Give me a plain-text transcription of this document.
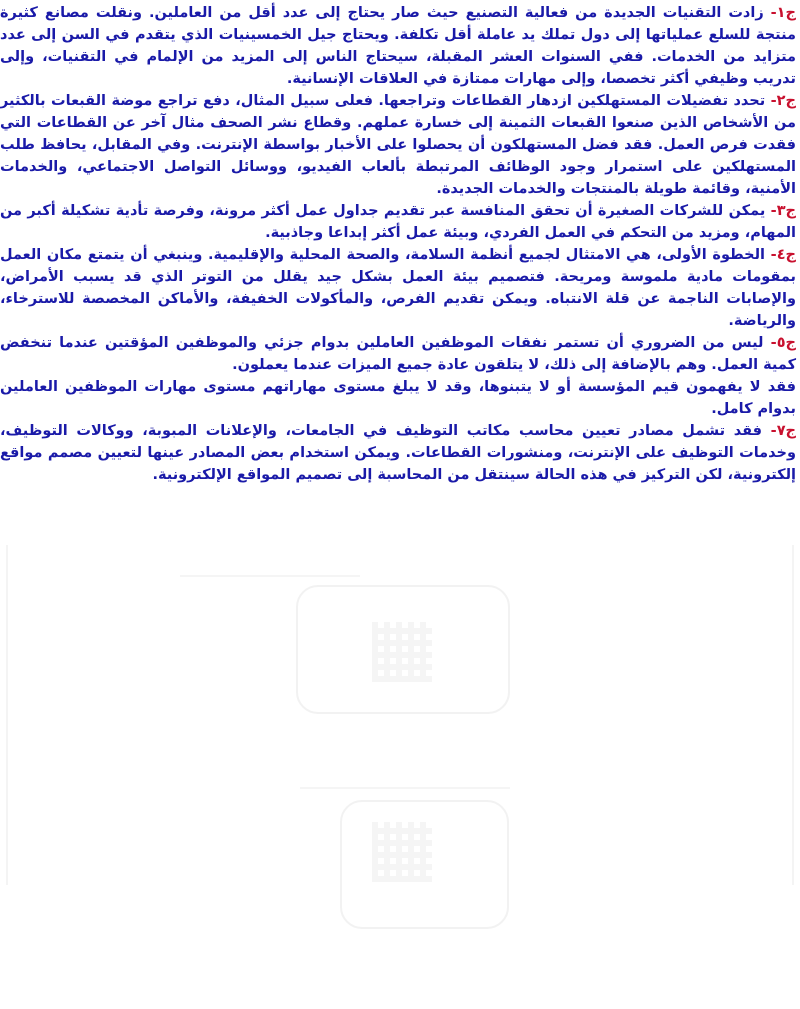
ج١- زادت التقنيات الجديدة من فعالية التصنيع حيث صار يحتاج إلى عدد أقل من العاملين. ونقلت مصانع كثيرة منتجة للسلع عملياتها إلى دول تملك يد عاملة أقل تكلفة. ويحتاج جيل الخمسينيات الذي يتقدم في السن إلى عدد متزايد من الخدمات. ففي السنوات العشر المقبلة، سيحتاج الناس إلى المزيد من الإلمام في التقنيات، وإلى تدريب وظيفي أكثر تخصصا، وإلى مهارات ممتازة في العلاقات الإنسانية.

ج٢- تحدد تفضيلات المستهلكين ازدهار القطاعات وتراجعها. فعلى سبيل المثال، دفع تراجع موضة القبعات بالكثير من الأشخاص الذين صنعوا القبعات الثمينة إلى خسارة عملهم. وقطاع نشر الصحف مثال آخر عن القطاعات التي فقدت فرص العمل. فقد فضل المستهلكون أن يحصلوا على الأخبار بواسطة الإنترنت. وفي المقابل، يحافظ طلب المستهلكين على استمرار وجود الوظائف المرتبطة بألعاب الفيديو، ووسائل التواصل الاجتماعي، والخدمات الأمنية، وقائمة طويلة بالمنتجات والخدمات الجديدة.

ج٣- يمكن للشركات الصغيرة أن تحقق المنافسة عبر تقديم جداول عمل أكثر مرونة، وفرصة تأدية تشكيلة أكبر من المهام، ومزيد من التحكم في العمل الفردي، وبيئة عمل أكثر إبداعا وجاذبية.

ج٤- الخطوة الأولى، هي الامتثال لجميع أنظمة السلامة، والصحة المحلية والإقليمية. وينبغي أن يتمتع مكان العمل بمقومات مادية ملموسة ومريحة. فتصميم بيئة العمل بشكل جيد يقلل من التوتر الذي قد يسبب الأمراض، والإصابات الناجمة عن قلة الانتباه. ويمكن تقديم الفرص، والمأكولات الخفيفة، والأماكن المخصصة للاسترخاء، والرياضة.

ج٥- ليس من الضروري أن تستمر نفقات الموظفين العاملين بدوام جزئي والموظفين المؤقتين عندما تنخفض كمية العمل. وهم بالإضافة إلى ذلك، لا يتلقون عادة جميع الميزات عندما يعملون.

فقد لا يفهمون قيم المؤسسة أو لا يتبنوها، وقد لا يبلغ مستوى مهاراتهم مستوى مهارات الموظفين العاملين بدوام كامل.

ج٧- فقد تشمل مصادر تعيين محاسب مكاتب التوظيف في الجامعات، والإعلانات المبوبة، ووكالات التوظيف، وخدمات التوظيف على الإنترنت، ومنشورات القطاعات. ويمكن استخدام بعض المصادر عينها لتعيين مصمم مواقع إلكترونية، لكن التركيز في هذه الحالة سينتقل من المحاسبة إلى تصميم المواقع الإلكترونية.
